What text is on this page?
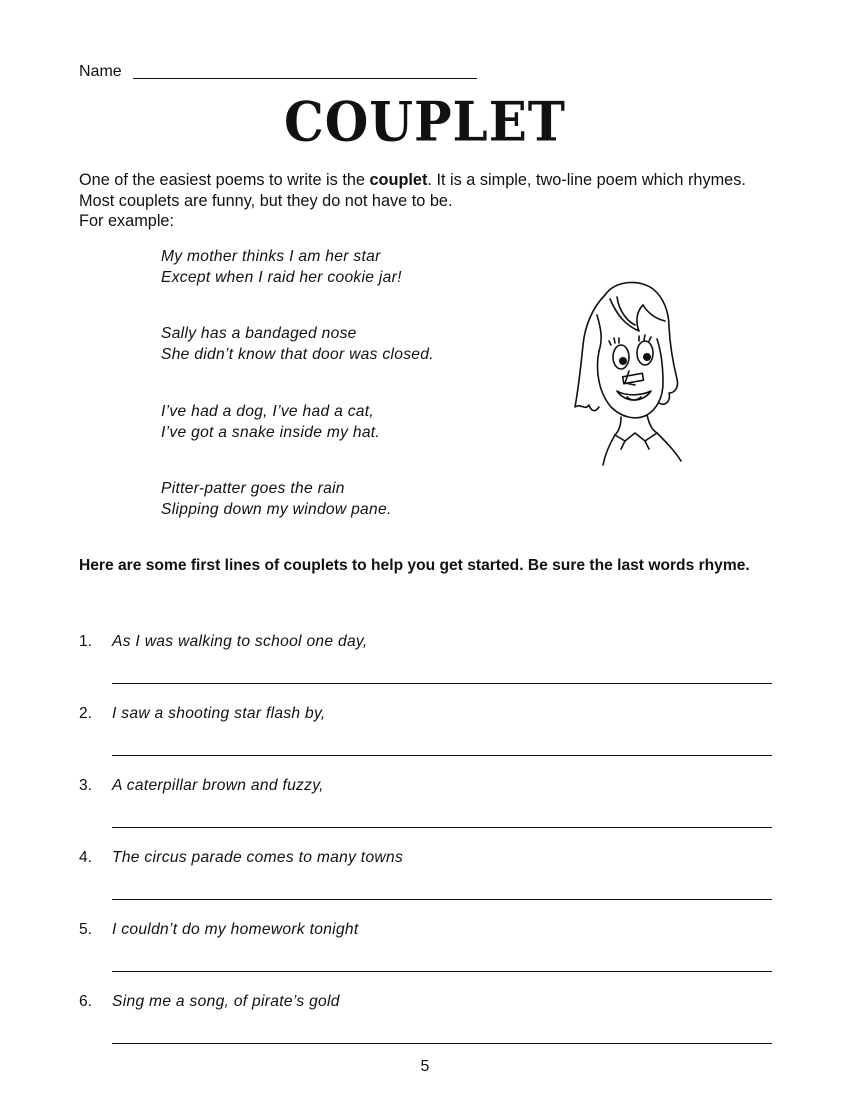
Name
COUPLET
One of the easiest poems to write is the couplet. It is a simple, two-line poem which rhymes. Most couplets are funny, but they do not have to be.
For example:
My mother thinks I am her star
Except when I raid her cookie jar!
Sally has a bandaged nose
She didn’t know that door was closed.
I’ve had a dog, I’ve had a cat,
I’ve got a snake inside my hat.
Pitter-patter goes the rain
Slipping down my window pane.
Here are some first lines of couplets to help you get started. Be sure the last words rhyme.
1. As I was walking to school one day,
2. I saw a shooting star flash by,
3. A caterpillar brown and fuzzy,
4. The circus parade comes to many towns
5. I couldn’t do my homework tonight
6. Sing me a song, of pirate’s gold
5
